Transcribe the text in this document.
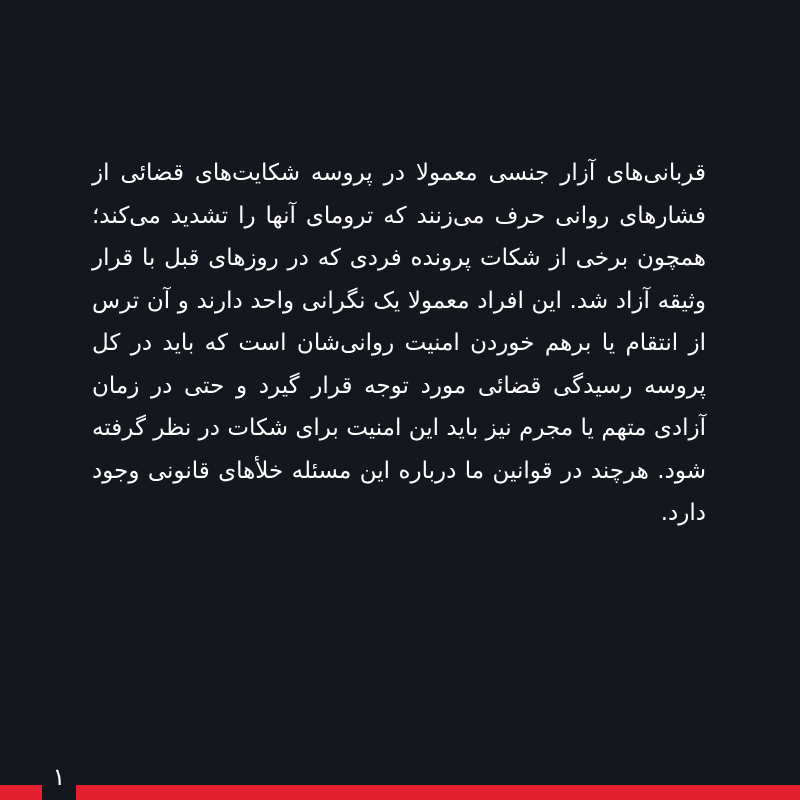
قربانی‌های آزار جنسی معمولا در پروسه شکایت‌های قضائی از فشارهای روانی حرف می‌زنند که ترومای آنها را تشدید می‌کند؛ همچون برخی از شکات پرونده فردی که در روزهای قبل با قرار وثیقه آزاد شد. این افراد معمولا یک نگرانی واحد دارند و آن ترس از انتقام یا برهم خوردن امنیت روانی‌شان است که باید در کل پروسه رسیدگی قضائی مورد توجه قرار گیرد و حتی در زمان آزادی متهم یا مجرم نیز باید این امنیت برای شکات در نظر گرفته شود. هرچند در قوانین ما درباره این مسئله خلأهای قانونی وجود دارد.

۱
